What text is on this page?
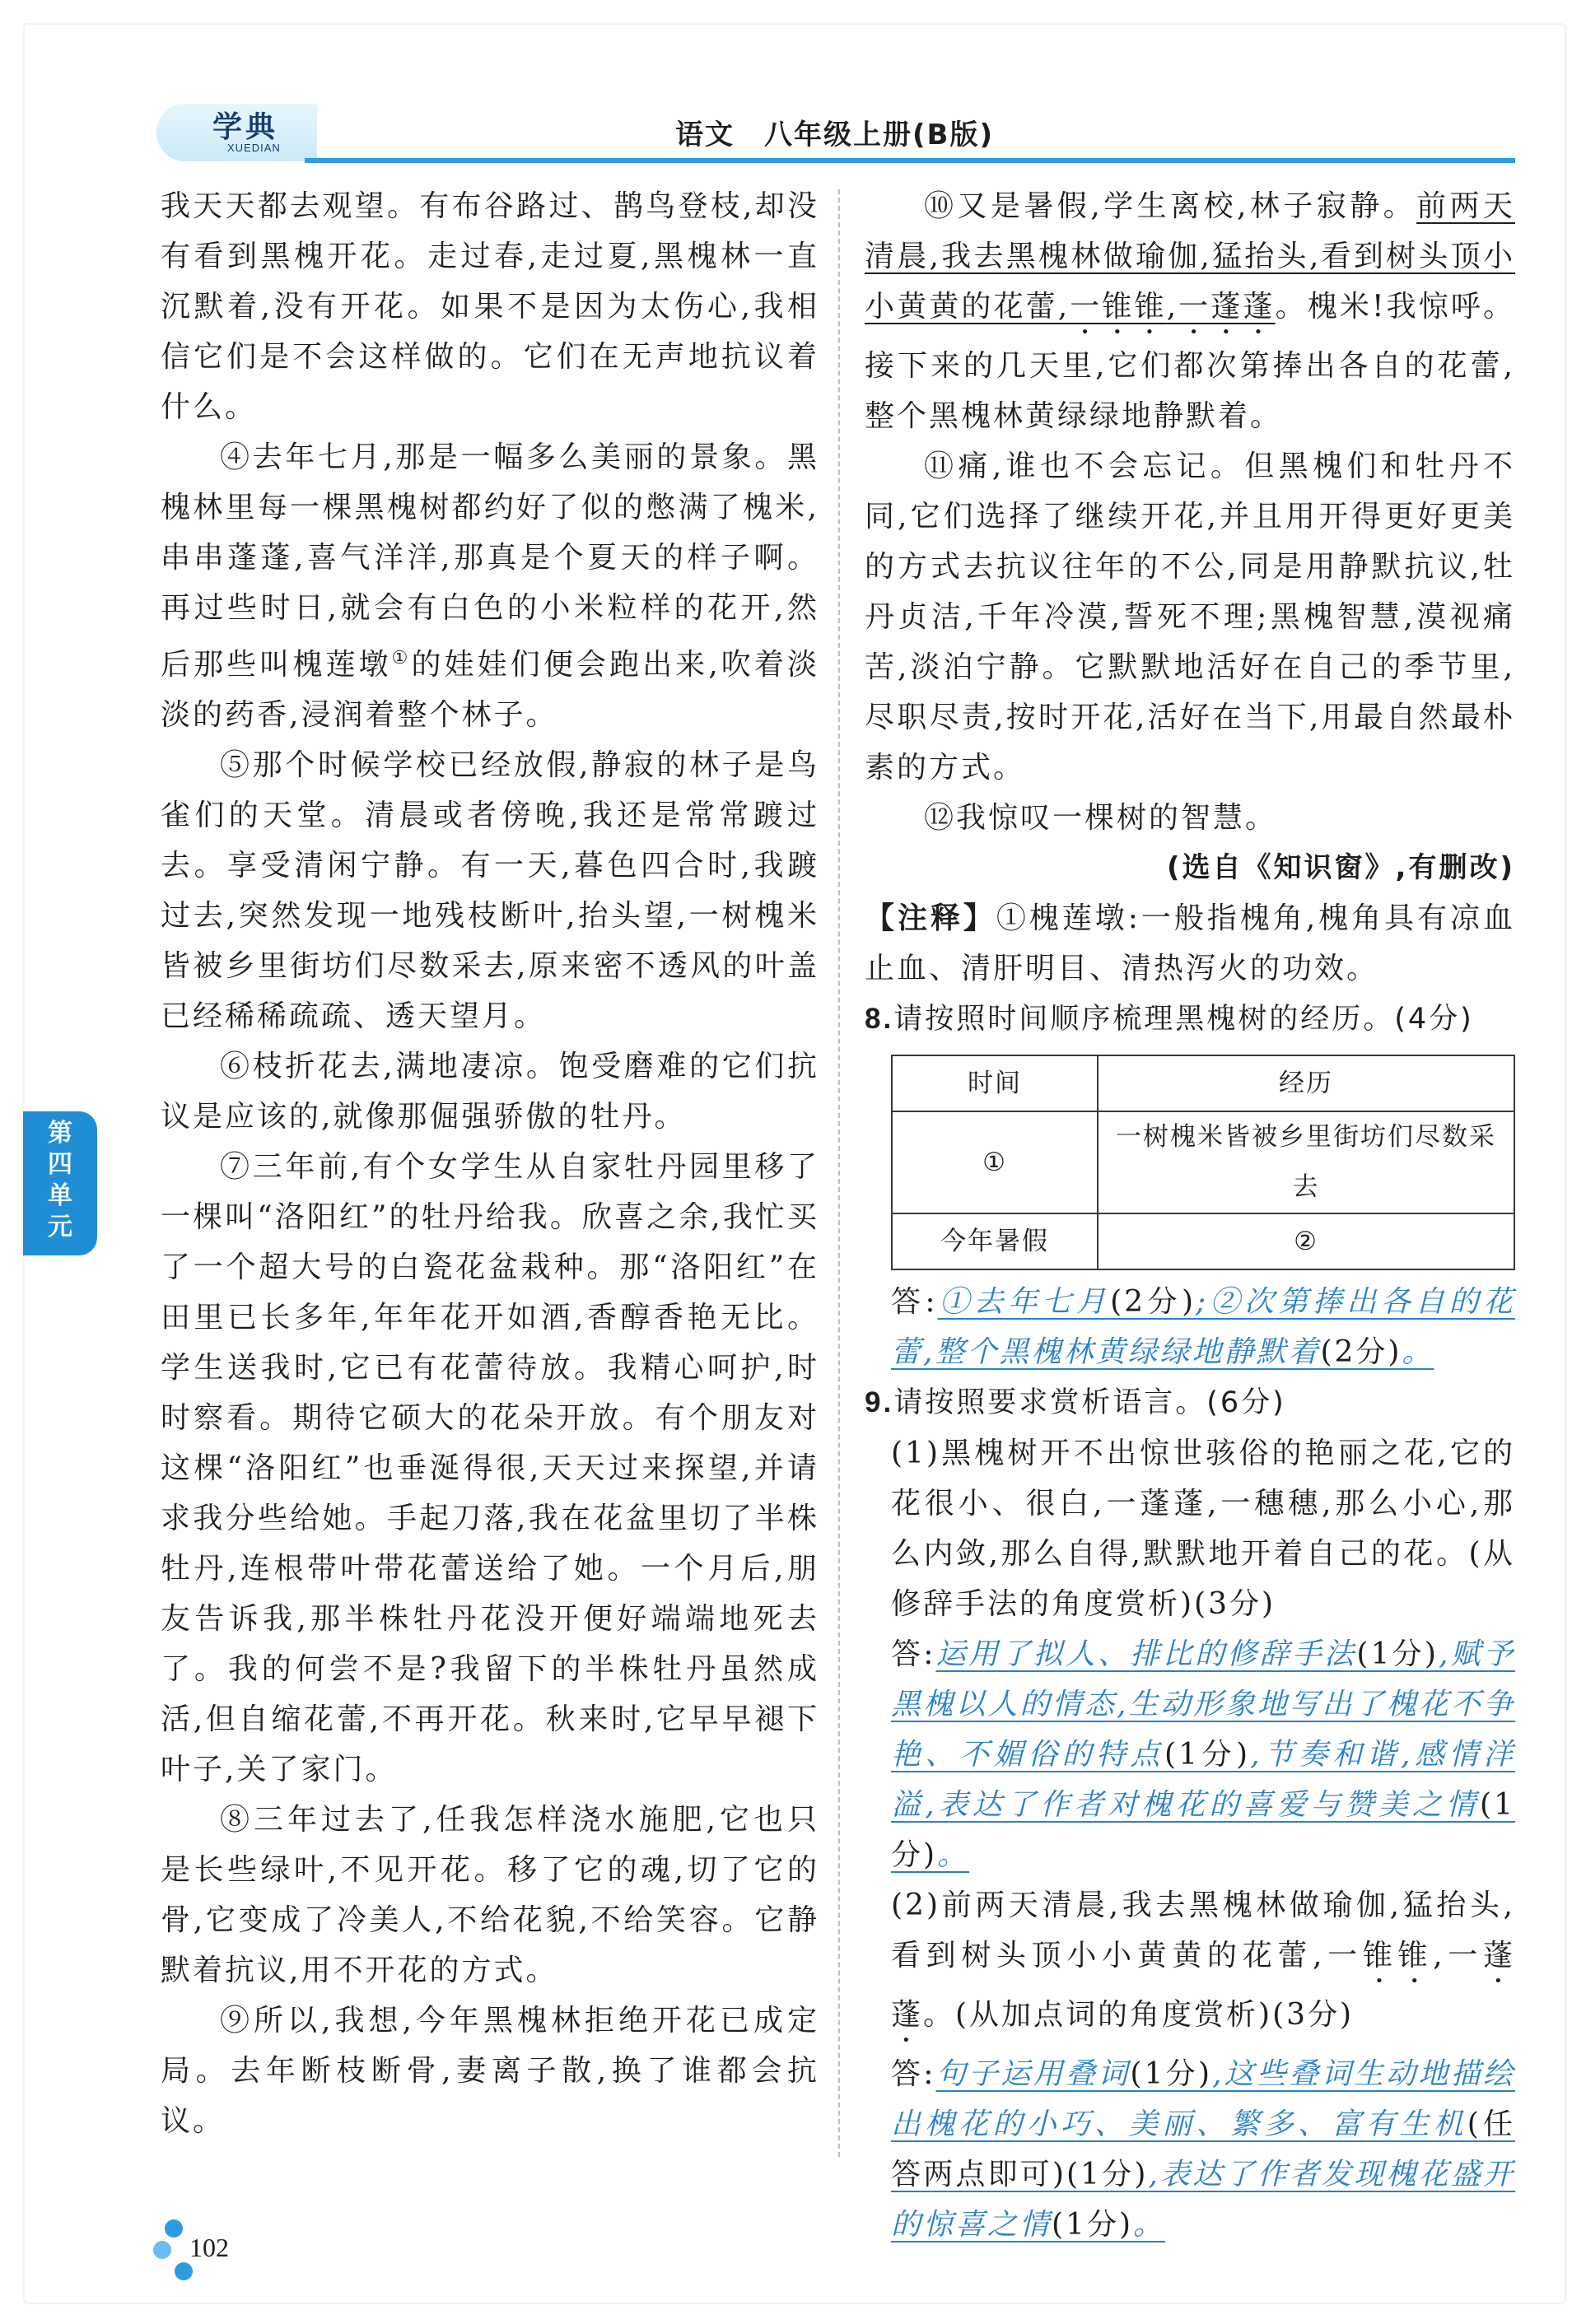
学典
XUEDIAN	语文　八年级上册(B版)
第
四
单
元

我天天都去观望。有布谷路过、鹊鸟登枝,却没有看到黑槐开花。走过春,走过夏,黑槐林一直沉默着,没有开花。如果不是因为太伤心,我相信它们是不会这样做的。它们在无声地抗议着什么。

④去年七月,那是一幅多么美丽的景象。黑槐林里每一棵黑槐树都约好了似的憋满了槐米,串串蓬蓬,喜气洋洋,那真是个夏天的样子啊。再过些时日,就会有白色的小米粒样的花开,然后那些叫槐莲墩①的娃娃们便会跑出来,吹着淡淡的药香,浸润着整个林子。

⑤那个时候学校已经放假,静寂的林子是鸟雀们的天堂。清晨或者傍晚,我还是常常踱过去。享受清闲宁静。有一天,暮色四合时,我踱过去,突然发现一地残枝断叶,抬头望,一树槐米皆被乡里街坊们尽数采去,原来密不透风的叶盖已经稀稀疏疏、透天望月。

⑥枝折花去,满地凄凉。饱受磨难的它们抗议是应该的,就像那倔强骄傲的牡丹。

⑦三年前,有个女学生从自家牡丹园里移了一棵叫“洛阳红”的牡丹给我。欣喜之余,我忙买了一个超大号的白瓷花盆栽种。那“洛阳红”在田里已长多年,年年花开如酒,香醇香艳无比。学生送我时,它已有花蕾待放。我精心呵护,时时察看。期待它硕大的花朵开放。有个朋友对这棵“洛阳红”也垂涎得很,天天过来探望,并请求我分些给她。手起刀落,我在花盆里切了半株牡丹,连根带叶带花蕾送给了她。一个月后,朋友告诉我,那半株牡丹花没开便好端端地死去了。我的何尝不是?我留下的半株牡丹虽然成活,但自缩花蕾,不再开花。秋来时,它早早褪下叶子,关了家门。

⑧三年过去了,任我怎样浇水施肥,它也只是长些绿叶,不见开花。移了它的魂,切了它的骨,它变成了冷美人,不给花貌,不给笑容。它静默着抗议,用不开花的方式。

⑨所以,我想,今年黑槐林拒绝开花已成定局。去年断枝断骨,妻离子散,换了谁都会抗议。

⑩又是暑假,学生离校,林子寂静。前两天清晨,我去黑槐林做瑜伽,猛抬头,看到树头顶小小黄黄的花蕾,一锥锥,一蓬蓬。槐米!我惊呼。接下来的几天里,它们都次第捧出各自的花蕾,整个黑槐林黄绿绿地静默着。

⑪痛,谁也不会忘记。但黑槐们和牡丹不同,它们选择了继续开花,并且用开得更好更美的方式去抗议往年的不公,同是用静默抗议,牡丹贞洁,千年冷漠,誓死不理;黑槐智慧,漠视痛苦,淡泊宁静。它默默地活好在自己的季节里,尽职尽责,按时开花,活好在当下,用最自然最朴素的方式。

⑫我惊叹一棵树的智慧。

(选自《知识窗》,有删改)

【注释】①槐莲墩:一般指槐角,槐角具有凉血止血、清肝明目、清热泻火的功效。

8.请按照时间顺序梳理黑槐树的经历。(4分)

时间	经历
①	一树槐米皆被乡里街坊们尽数采去
今年暑假	②

答:①去年七月(2分);②次第捧出各自的花蕾,整个黑槐林黄绿绿地静默着(2分)。

9.请按照要求赏析语言。(6分)

(1)黑槐树开不出惊世骇俗的艳丽之花,它的花很小、很白,一蓬蓬,一穗穗,那么小心,那么内敛,那么自得,默默地开着自己的花。(从修辞手法的角度赏析)(3分)

答:运用了拟人、排比的修辞手法(1分),赋予黑槐以人的情态,生动形象地写出了槐花不争艳、不媚俗的特点(1分),节奏和谐,感情洋溢,表达了作者对槐花的喜爱与赞美之情(1分)。

(2)前两天清晨,我去黑槐林做瑜伽,猛抬头,看到树头顶小小黄黄的花蕾,一锥锥,一蓬蓬。(从加点词的角度赏析)(3分)

答:句子运用叠词(1分),这些叠词生动地描绘出槐花的小巧、美丽、繁多、富有生机(任答两点即可)(1分),表达了作者发现槐花盛开的惊喜之情(1分)。

102
